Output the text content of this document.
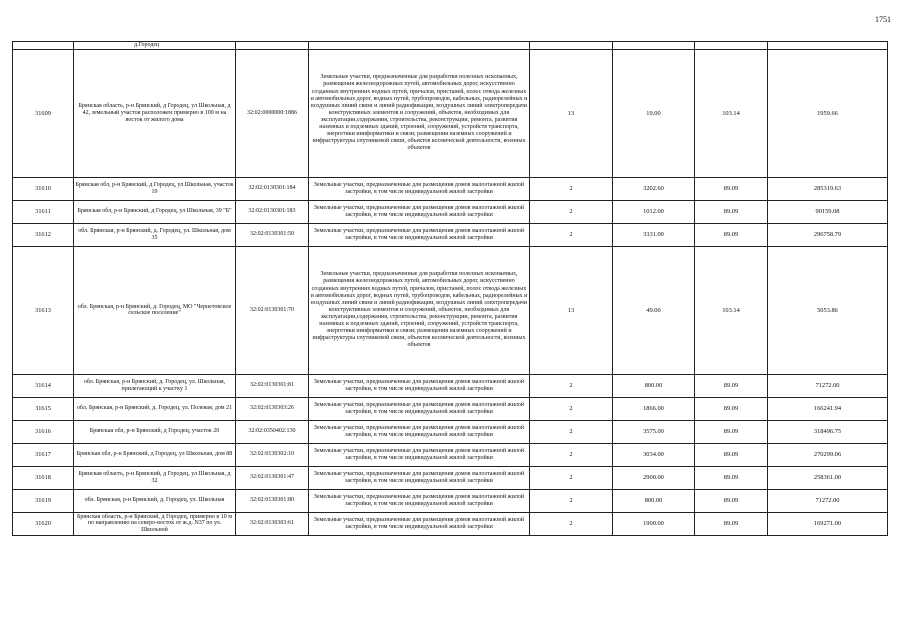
1751
	д.Городец						
31609	Брянская область, р-н Брянский, д Городец, ул Школьная, д 42, земельный участок расположен примерно в 100 м на восток от жилого дома	32:02:0000000:1886	Земельные участки, предназначенные для разработки полезных ископаемых, размещения железнодорожных путей, автомобильных дорог, искусственно созданных внутренних водных путей, причалов, пристаней, полос отвода железных и автомобильных дорог, водных путей, трубопроводов, кабельных, радиорелейных и воздушных линий связи и линий радиофикации, воздушных линий электропередачи конструктивных элементов и сооружений, объектов, необходимых для эксплуатации,содержания, строительства, реконструкции, ремонта, развития наземных и подземных зданий, строений, сооружений, устройств транспорта, энергетики иинформатики и связи; размещения наземных сооружений и инфраструктуры спутниковой связи, объектов космической деятельности, военных объектов	13	19.00	103.14	1959.66
31610	Брянская обл, р-н Брянский, д Городец, ул Школьная, участок 19	32:02:0130301:184	Земельные участки, предназначенные для размещения домов малоэтажной жилой застройки, в том числе индивидуальной жилой застройки	2	3202.60	89.09	285319.63
31611	Брянская обл, р-н Брянский, д Городец, ул Школьная, 39 "Б"	32:02:0130301:183	Земельные участки, предназначенные для размещения домов малоэтажной жилой застройки, в том числе индивидуальной жилой застройки	2	1012.00	89.09	90159.08
31612	обл. Брянская, р-н Брянский, д. Городец, ул. Школьная, дом 35	32:02:0130301:50	Земельные участки, предназначенные для размещения домов малоэтажной жилой застройки, в том числе индивидуальной жилой застройки	2	3331.00	89.09	296758.79
31613	обл. Брянская, р-н Брянский, д. Городец, МО "Чернетовское сельское поселение"	32:02:0130301:70	Земельные участки, предназначенные для разработки полезных ископаемых, размещения железнодорожных путей, автомобильных дорог, искусственно созданных внутренних водных путей, причалов, пристаней, полос отвода железных и автомобильных дорог, водных путей, трубопроводов, кабельных, радиорелейных и воздушных линий связи и линий радиофикации, воздушных линий электропередачи конструктивных элементов и сооружений, объектов, необходимых для эксплуатации,содержания, строительства, реконструкции, ремонта, развития наземных и подземных зданий, строений, сооружений, устройств транспорта, энергетики иинформатики и связи; размещения наземных сооружений и инфраструктуры спутниковой связи, объектов космической деятельности, военных объектов	13	49.00	103.14	5053.86
31614	обл. Брянская, р-н Брянский, д. Городец, ул. Школьная, прилегающий к участку 1	32:02:0130301:81	Земельные участки, предназначенные для размещения домов малоэтажной жилой застройки, в том числе индивидуальной жилой застройки	2	800.00	89.09	71272.00
31615	обл. Брянская, р-н Брянский, д. Городец, ул. Полевая, дом 21	32:02:0130303:26	Земельные участки, предназначенные для размещения домов малоэтажной жилой застройки, в том числе индивидуальной жилой застройки	2	1866.00	89.09	166241.94
31616	Брянская обл, р-н Брянский, д Городец, участок 20	32:02:0350402:130	Земельные участки, предназначенные для размещения домов малоэтажной жилой застройки, в том числе индивидуальной жилой застройки	2	3575.00	89.09	318496.75
31617	Брянская обл, р-н Брянский, д Городец, ул Школьная, дом 88	32:02:0130302:10	Земельные участки, предназначенные для размещения домов малоэтажной жилой застройки, в том числе индивидуальной жилой застройки	2	3034.00	89.09	270299.06
31618	Брянская область, р-н Брянский, д Городец, ул Школьная, д 32	32:02:0130301:47	Земельные участки, предназначенные для размещения домов малоэтажной жилой застройки, в том числе индивидуальной жилой застройки	2	2900.00	89.09	258361.00
31619	обл. Брянская, р-н Брянский, д. Городец, ул. Школьная	32:02:0130301:80	Земельные участки, предназначенные для размещения домов малоэтажной жилой застройки, в том числе индивидуальной жилой застройки	2	800.00	89.09	71272.00
31620	Брянская область, р-н Брянский, д Городец, примерно в 10 м по направлению на северо-восток от ж.д. N37 по ул. Школьной	32:02:0130303:61	Земельные участки, предназначенные для размещения домов малоэтажной жилой застройки, в том числе индивидуальной жилой застройки	2	1900.00	89.09	169271.00
